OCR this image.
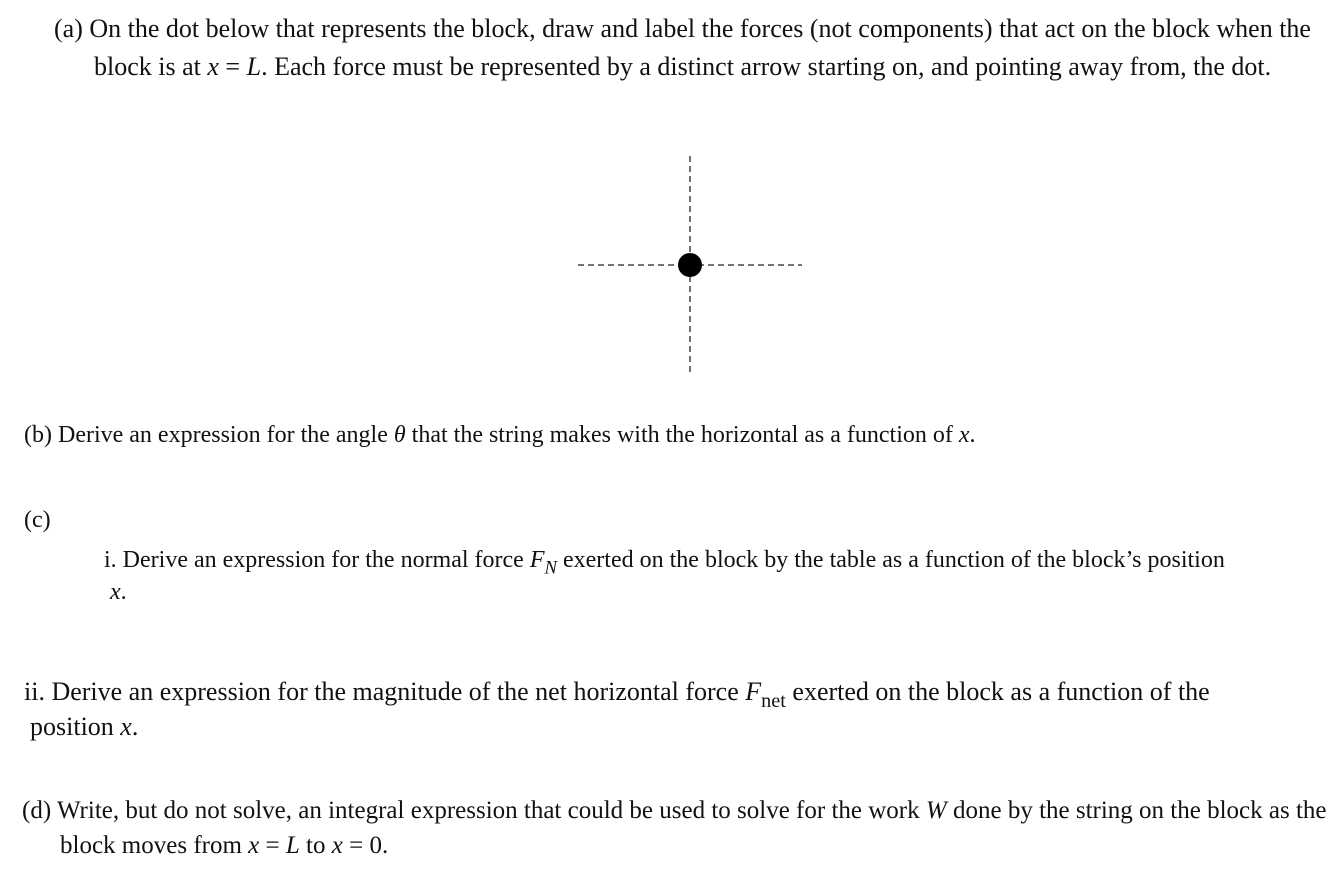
(a) On the dot below that represents the block, draw and label the forces (not components) that act on the block when the block is at x = L. Each force must be represented by a distinct arrow starting on, and pointing away from, the dot.

(b) Derive an expression for the angle θ that the string makes with the horizontal as a function of x.

(c)

i. Derive an expression for the normal force $F_N$ exerted on the block by the table as a function of the block’s position x.

ii. Derive an expression for the magnitude of the net horizontal force $F_{net}$ exerted on the block as a function of the position x.

(d) Write, but do not solve, an integral expression that could be used to solve for the work W done by the string on the block as the block moves from x = L to x = 0.
